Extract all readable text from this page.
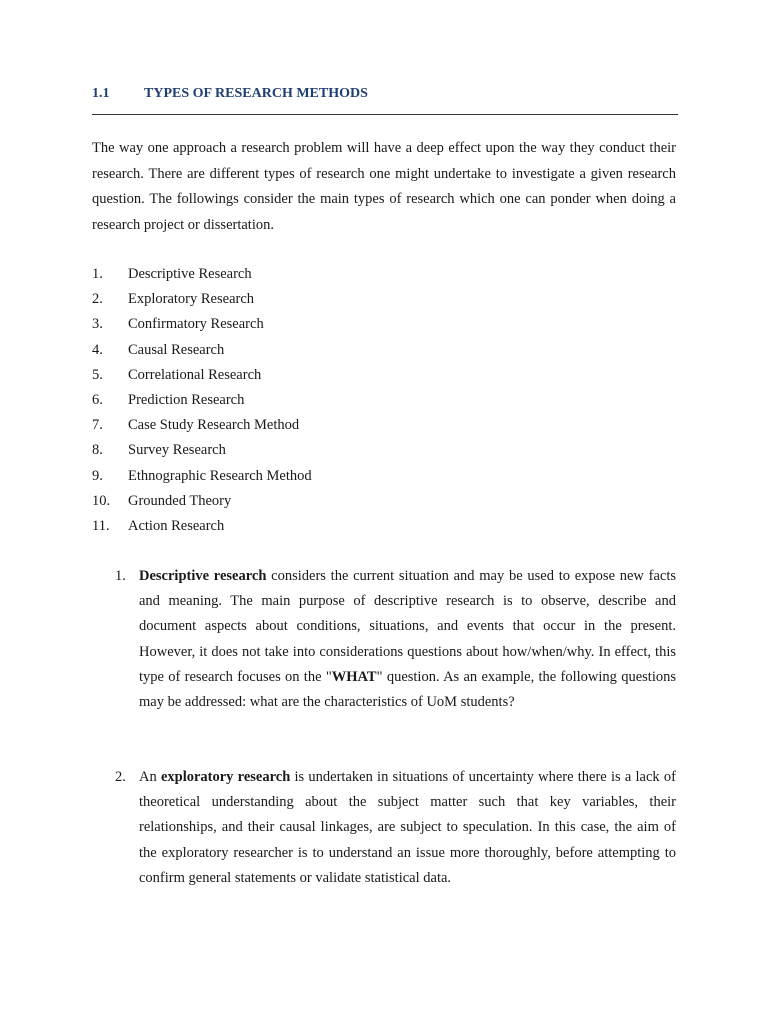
1.1 TYPES OF RESEARCH METHODS

The way one approach a research problem will have a deep effect upon the way they conduct their research. There are different types of research one might undertake to investigate a given research question. The followings consider the main types of research which one can ponder when doing a research project or dissertation.

1.	Descriptive Research
2.	Exploratory Research
3.	Confirmatory Research
4.	Causal Research
5.	Correlational Research
6.	Prediction Research
7.	Case Study Research Method
8.	Survey Research
9.	Ethnographic Research Method
10.	Grounded Theory
11.	Action Research
1. Descriptive research considers the current situation and may be used to expose new facts and meaning. The main purpose of descriptive research is to observe, describe and document aspects about conditions, situations, and events that occur in the present. However, it does not take into considerations questions about how/when/why. In effect, this type of research focuses on the "WHAT" question. As an example, the following questions may be addressed: what are the characteristics of UoM students?
2. An exploratory research is undertaken in situations of uncertainty where there is a lack of theoretical understanding about the subject matter such that key variables, their relationships, and their causal linkages, are subject to speculation. In this case, the aim of the exploratory researcher is to understand an issue more thoroughly, before attempting to confirm general statements or validate statistical data.
